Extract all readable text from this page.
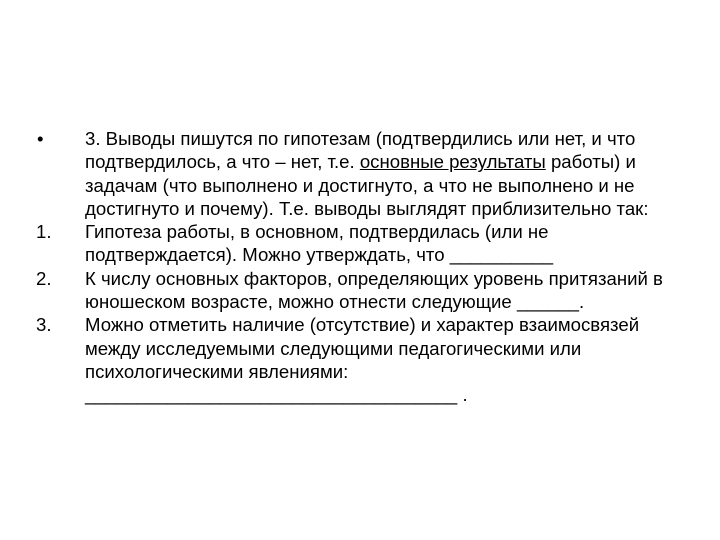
• 3. Выводы пишутся по гипотезам (подтвердились или нет, и что подтвердилось, а что – нет, т.е. основные результаты работы) и задачам (что выполнено и достигнуто, а что не выполнено и не достигнуто и почему). Т.е. выводы выглядят приблизительно так:
1. Гипотеза работы, в основном, подтвердилась (или не подтверждается). Можно утверждать, что __________
2. К числу основных факторов, определяющих уровень притязаний в юношеском возрасте, можно отнести следующие ______.
3. Можно отметить наличие (отсутствие) и характер взаимосвязей между исследуемыми следующими педагогическими или психологическими явлениями: ____________________________________ .
